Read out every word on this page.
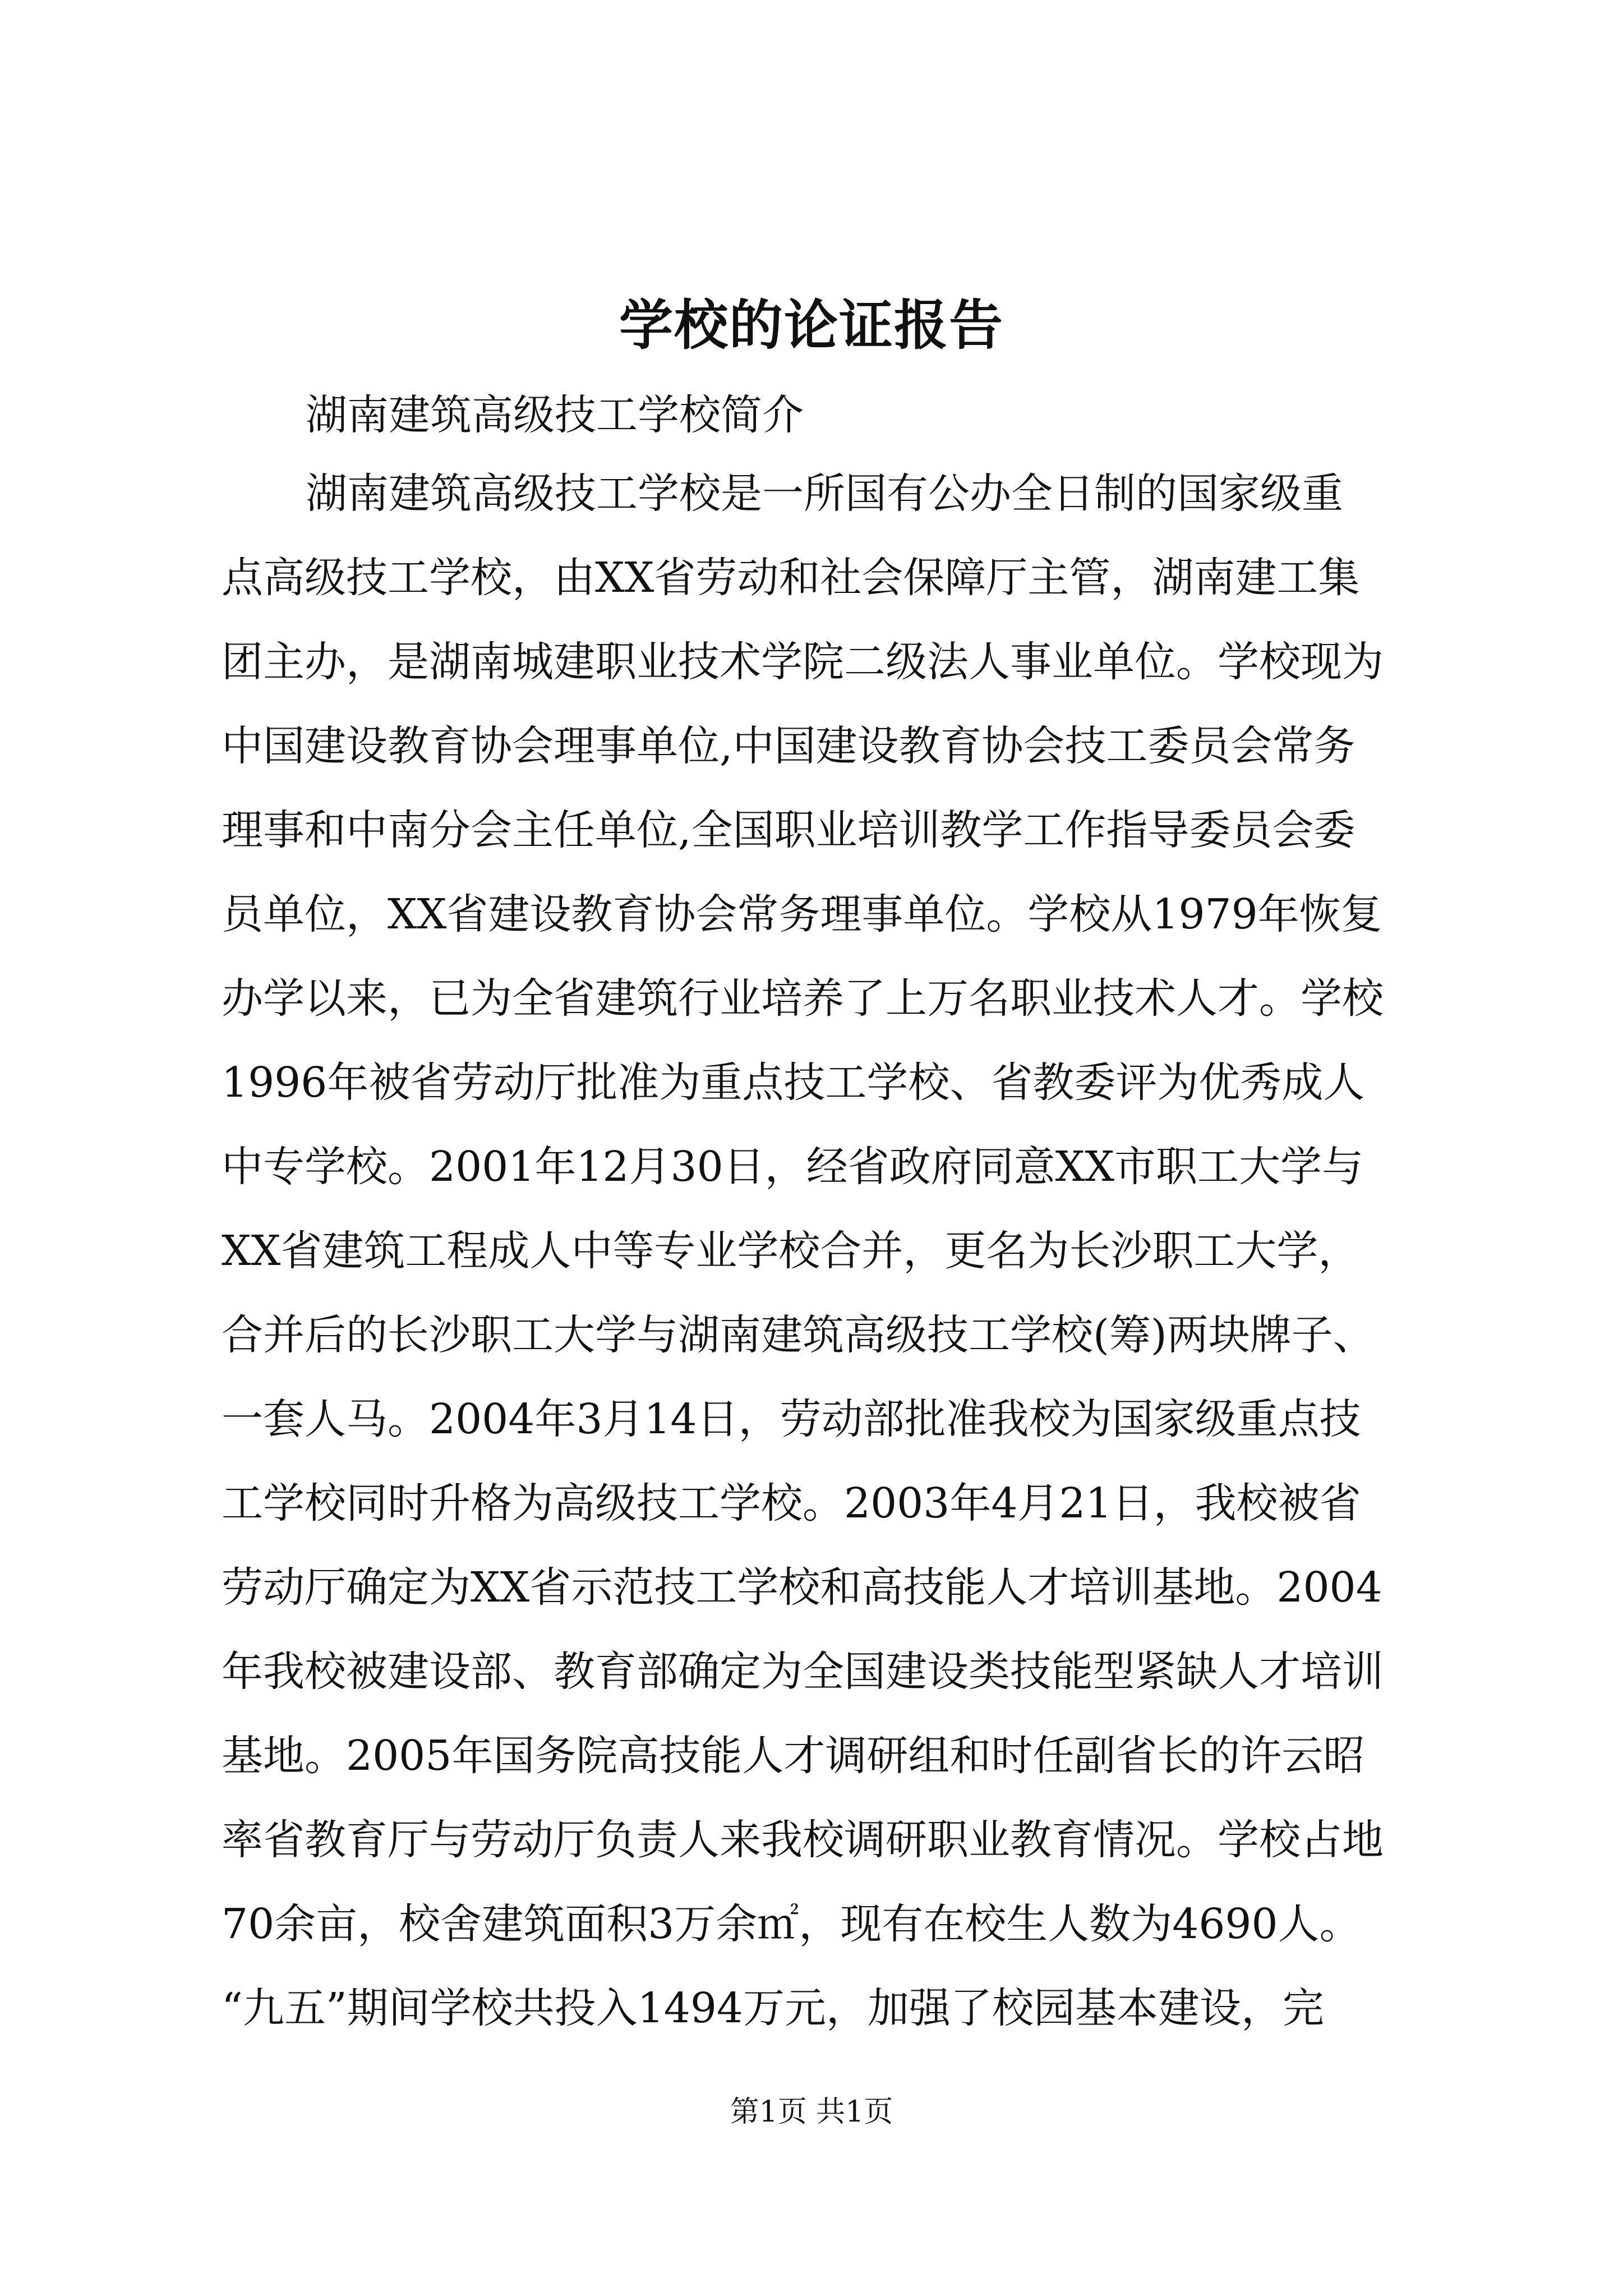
学校的论证报告
湖南建筑高级技工学校简介
湖南建筑高级技工学校是一所国有公办全日制的国家级重
点高级技工学校，由XX省劳动和社会保障厅主管，湖南建工集
团主办，是湖南城建职业技术学院二级法人事业单位。学校现为
中国建设教育协会理事单位,中国建设教育协会技工委员会常务
理事和中南分会主任单位,全国职业培训教学工作指导委员会委
员单位，XX省建设教育协会常务理事单位。学校从1979年恢复
办学以来，已为全省建筑行业培养了上万名职业技术人才。学校
1996年被省劳动厅批准为重点技工学校、省教委评为优秀成人
中专学校。2001年12月30日，经省政府同意XX市职工大学与
XX省建筑工程成人中等专业学校合并，更名为长沙职工大学，
合并后的长沙职工大学与湖南建筑高级技工学校(筹)两块牌子、
一套人马。2004年3月14日，劳动部批准我校为国家级重点技
工学校同时升格为高级技工学校。2003年4月21日，我校被省
劳动厅确定为XX省示范技工学校和高技能人才培训基地。2004
年我校被建设部、教育部确定为全国建设类技能型紧缺人才培训
基地。2005年国务院高技能人才调研组和时任副省长的许云昭
率省教育厅与劳动厅负责人来我校调研职业教育情况。学校占地
70余亩，校舍建筑面积3万余㎡，现有在校生人数为4690人。
“九五”期间学校共投入1494万元，加强了校园基本建设，完
第1页 共1页
